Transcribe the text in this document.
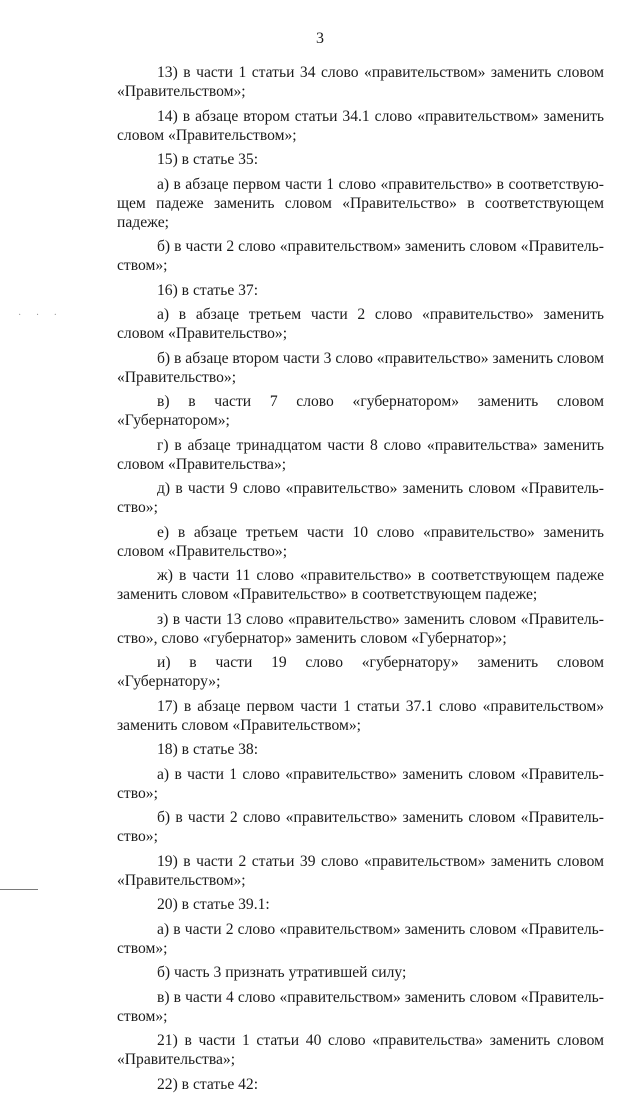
3
· · ·

13) в части 1 статьи 34 слово «правительством» заменить словом «Правительством»;

14) в абзаце втором статьи 34.1 слово «правительством» заменить словом «Правительством»;

15) в статье 35:

а) в абзаце первом части 1 слово «правительство» в соответствующем падеже заменить словом «Правительство» в соответствующем падеже;

б) в части 2 слово «правительством» заменить словом «Правительством»;

16) в статье 37:

а) в абзаце третьем части 2 слово «правительство» заменить словом «Правительство»;

б) в абзаце втором части 3 слово «правительство» заменить словом «Правительство»;

в) в части 7 слово «губернатором» заменить словом «Губернатором»;

г) в абзаце тринадцатом части 8 слово «правительства» заменить словом «Правительства»;

д) в части 9 слово «правительство» заменить словом «Правительство»;

е) в абзаце третьем части 10 слово «правительство» заменить словом «Правительство»;

ж) в части 11 слово «правительство» в соответствующем падеже заменить словом «Правительство» в соответствующем падеже;

з) в части 13 слово «правительство» заменить словом «Правительство», слово «губернатор» заменить словом «Губернатор»;

и) в части 19 слово «губернатору» заменить словом «Губернатору»;

17) в абзаце первом части 1 статьи 37.1 слово «правительством» заменить словом «Правительством»;

18) в статье 38:

а) в части 1 слово «правительство» заменить словом «Правительство»;

б) в части 2 слово «правительство» заменить словом «Правительство»;

19) в части 2 статьи 39 слово «правительством» заменить словом «Правительством»;

20) в статье 39.1:

а) в части 2 слово «правительством» заменить словом «Правительством»;

б) часть 3 признать утратившей силу;

в) в части 4 слово «правительством» заменить словом «Правительством»;

21) в части 1 статьи 40 слово «правительства» заменить словом «Правительства»;

22) в статье 42:
